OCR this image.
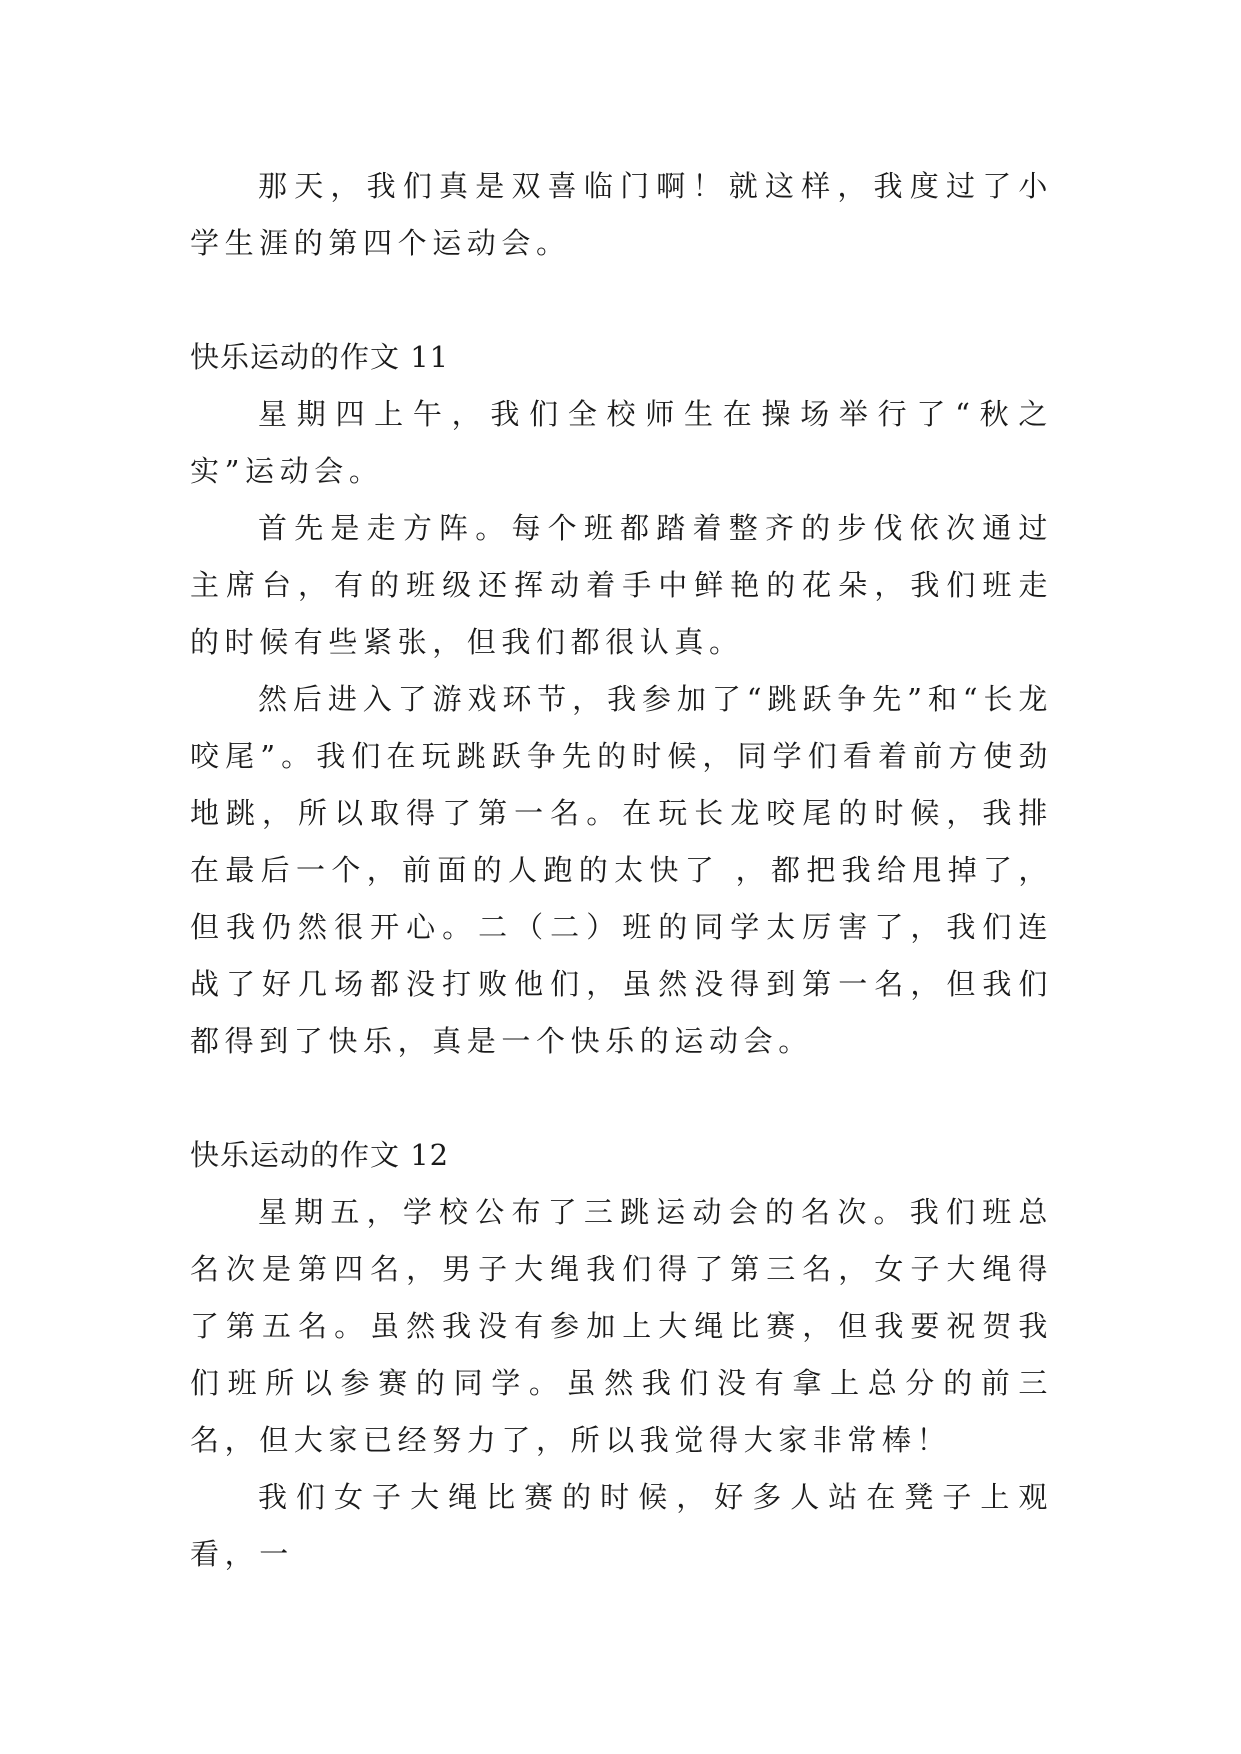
那天，我们真是双喜临门啊！就这样，我度过了小学生涯的第四个运动会。

快乐运动的作文 11

星期四上午，我们全校师生在操场举行了“秋之实”运动会。

首先是走方阵。每个班都踏着整齐的步伐依次通过主席台，有的班级还挥动着手中鲜艳的花朵，我们班走的时候有些紧张，但我们都很认真。

然后进入了游戏环节，我参加了“跳跃争先”和“长龙咬尾”。我们在玩跳跃争先的时候，同学们看着前方使劲地跳，所以取得了第一名。在玩长龙咬尾的时候，我排在最后一个，前面的人跑的太快了 ，都把我给甩掉了，但我仍然很开心。二（二）班的同学太厉害了，我们连战了好几场都没打败他们，虽然没得到第一名，但我们都得到了快乐，真是一个快乐的运动会。

快乐运动的作文 12

星期五，学校公布了三跳运动会的名次。我们班总名次是第四名，男子大绳我们得了第三名，女子大绳得了第五名。虽然我没有参加上大绳比赛，但我要祝贺我们班所以参赛的同学。虽然我们没有拿上总分的前三名，但大家已经努力了，所以我觉得大家非常棒！

我们女子大绳比赛的时候，好多人站在凳子上观看，一
